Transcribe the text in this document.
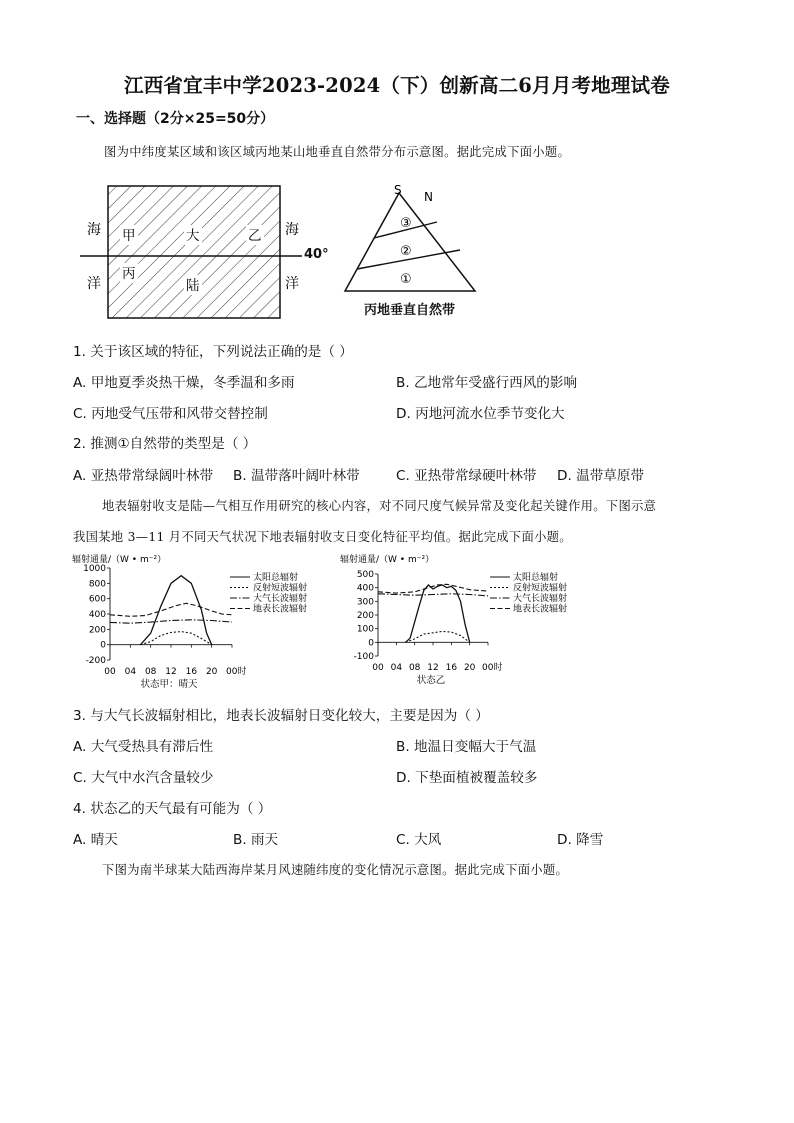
江西省宜丰中学2023-2024（下）创新高二6月月考地理试卷
一、选择题（2分×25=50分）
图为中纬度某区域和该区域丙地某山地垂直自然带分布示意图。据此完成下面小题。
海
洋
海
洋
甲	大	乙
丙
陆
40°
S N
③
②
①
丙地垂直自然带
1. 关于该区域的特征，下列说法正确的是（ ）
A. 甲地夏季炎热干燥，冬季温和多雨	B. 乙地常年受盛行西风的影响
C. 丙地受气压带和风带交替控制	D. 丙地河流水位季节变化大
2. 推测①自然带的类型是（ ）
A. 亚热带常绿阔叶林带 B. 温带落叶阔叶林带	C. 亚热带常绿硬叶林带 D. 温带草原带
地表辐射收支是陆—气相互作用研究的核心内容，对不同尺度气候异常及变化起关键作用。下图示意
我国某地 3—11 月不同天气状况下地表辐射收支日变化特征平均值。据此完成下面小题。
辐射通量/（W • m⁻²）
1000
800
600
400
200
0
-200
00 04 08 12 16 20 00时
状态甲：晴天
太阳总辐射
反射短波辐射
大气长波辐射
地表长波辐射
辐射通量/（W • m⁻²）
500
400
300
200
100
0
-100
00 04 08 12 16 20 00时
状态乙
太阳总辐射
反射短波辐射
大气长波辐射
地表长波辐射
3. 与大气长波辐射相比，地表长波辐射日变化较大，主要是因为（ ）
A. 大气受热具有滞后性	B. 地温日变幅大于气温
C. 大气中水汽含量较少	D. 下垫面植被覆盖较多
4. 状态乙的天气最有可能为（ ）
A. 晴天	B. 雨天	C. 大风	D. 降雪
下图为南半球某大陆西海岸某月风速随纬度的变化情况示意图。据此完成下面小题。
